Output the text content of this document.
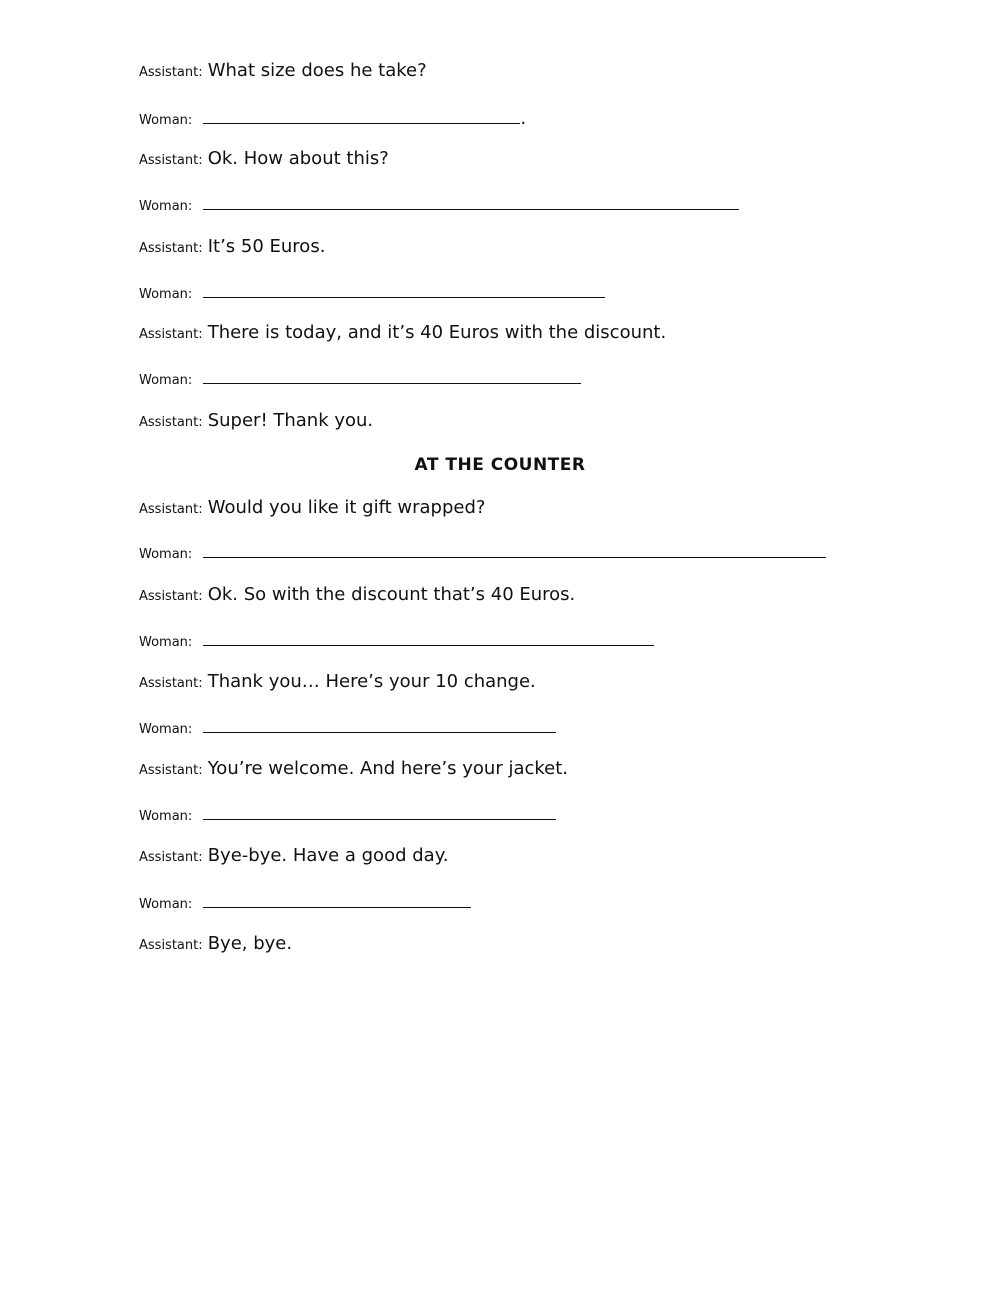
Assistant: What size does he take?
Woman:	.
Assistant: Ok. How about this?
Woman:
Assistant: It’s 50 Euros.
Woman:
Assistant: There is today, and it’s 40 Euros with the discount.
Woman:
Assistant: Super! Thank you.
AT THE COUNTER
Assistant: Would you like it gift wrapped?
Woman:
Assistant: Ok. So with the discount that’s 40 Euros.
Woman:
Assistant: Thank you… Here’s your 10 change.
Woman:
Assistant: You’re welcome. And here’s your jacket.
Woman:
Assistant: Bye-bye. Have a good day.
Woman:
Assistant: Bye, bye.
